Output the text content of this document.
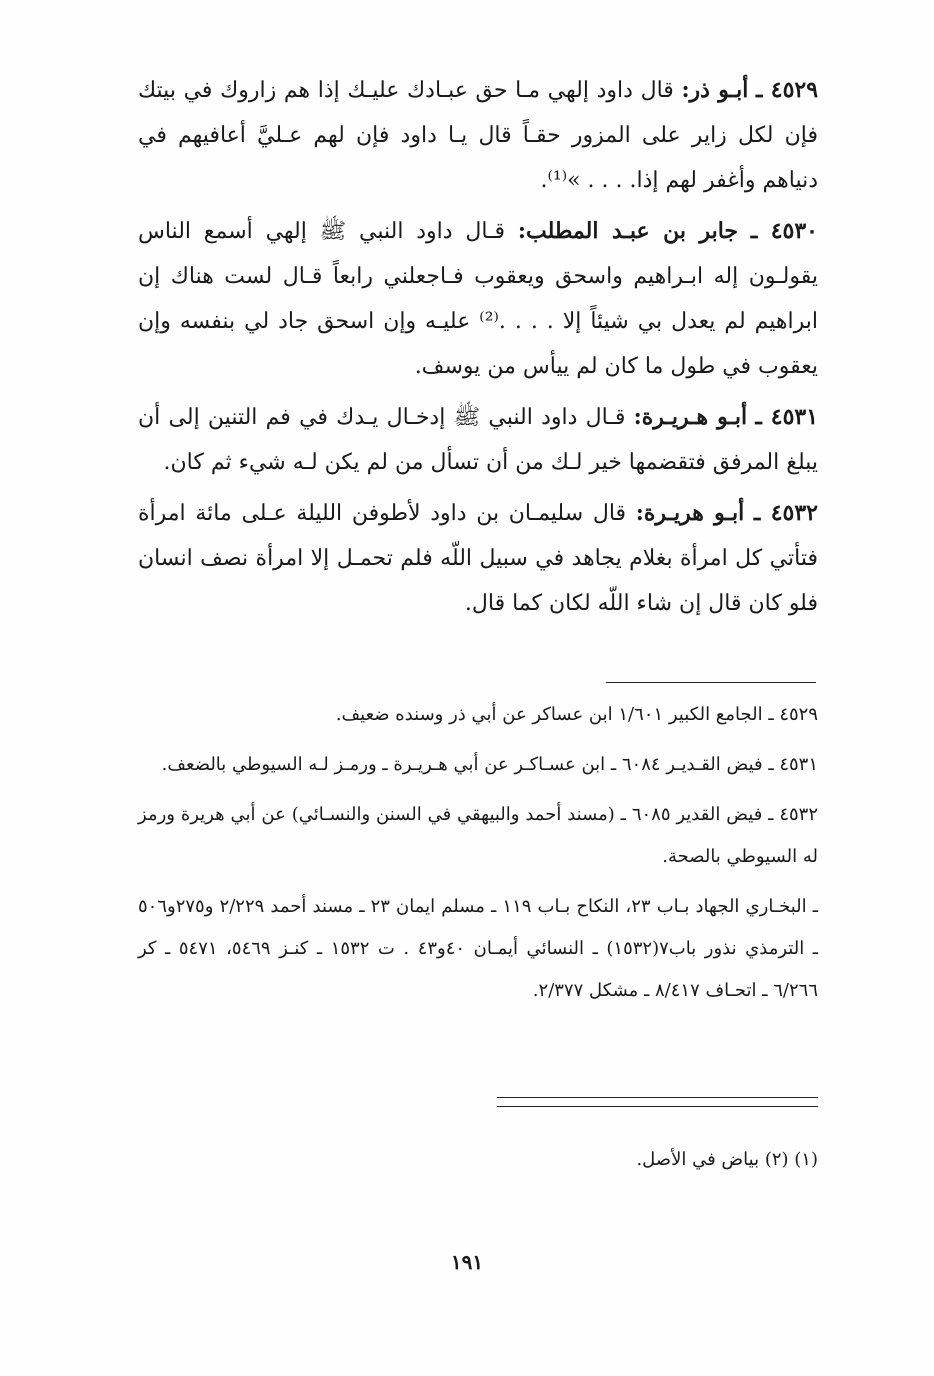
٤٥٢٩ ـ أبـو ذر: قال داود إلهي مـا حق عبـادك عليـك إذا هم زاروك في بيتك فإن لكل زاير على المزور حقـاً قال يـا داود فإن لهم عـليَّ أعافيهم في دنياهم وأغفر لهم إذا. . . . »⁽¹⁾.

٤٥٣٠ ـ جابر بن عبـد المطلب: قـال داود النبي ﷺ إلهي أسمع الناس يقولـون إله ابـراهيم واسحق ويعقوب فـاجعلني رابعاً قـال لست هناك إن ابراهيم لم يعدل بي شيئاً إلا . . . .⁽²⁾ عليـه وإن اسحق جاد لي بنفسه وإن يعقوب في طول ما كان لم ييأس من يوسف.

٤٥٣١ ـ أبـو هـريـرة: قـال داود النبي ﷺ إدخـال يـدك في فم التنين إلى أن يبلغ المرفق فتقضمها خير لـك من أن تسأل من لم يكن لـه شيء ثم كان.

٤٥٣٢ ـ أبـو هريـرة: قال سليمـان بن داود لأطوفن الليلة عـلى مائة امرأة فتأتي كل امرأة بغلام يجاهد في سبيل اللّه فلم تحمـل إلا امرأة نصف انسان فلو كان قال إن شاء اللّه لكان كما قال.

٤٥٢٩ ـ الجامع الكبير ١/٦٠١ ابن عساكر عن أبي ذر وسنده ضعيف.

٤٥٣١ ـ فيض القـديـر ٦٠٨٤ ـ ابن عسـاكـر عن أبي هـريـرة ـ ورمـز لـه السيوطي بالضعف.

٤٥٣٢ ـ فيض القدير ٦٠٨٥ ـ (مسند أحمد والبيهقي في السنن والنسـائي) عن أبي هريرة ورمز له السيوطي بالصحة.

ـ البخـاري الجهاد بـاب ٢٣، النكاح بـاب ١١٩ ـ مسلم ايمان ٢٣ ـ مسند أحمد ٢/٢٢٩ و٢٧٥و٥٠٦ ـ الترمذي نذور باب٧(١٥٣٢) ـ النسائي أيمـان ٤٠و٤٣ . ت ١٥٣٢ ـ كنـز ٥٤٦٩، ٥٤٧١ ـ كر ٦/٢٦٦ ـ اتحـاف ٨/٤١٧ ـ مشكل ٢/٣٧٧.

(١) (٢) بياض في الأصل.
١٩١
